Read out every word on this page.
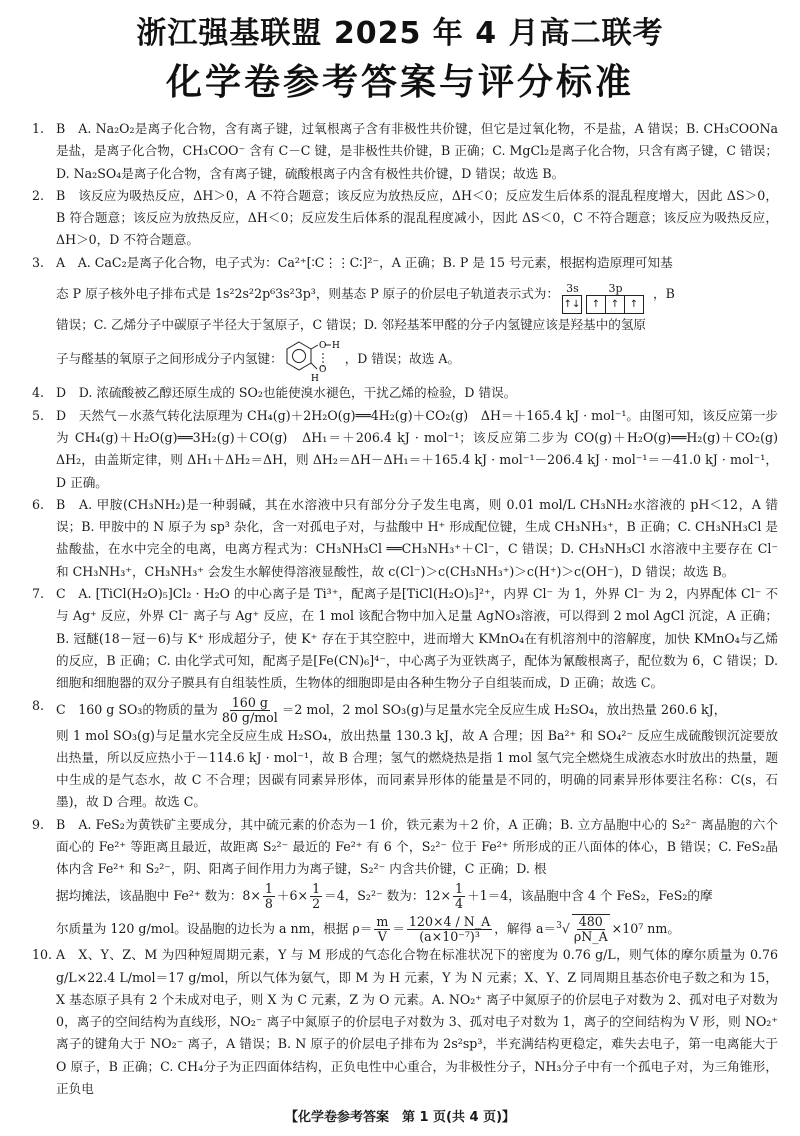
浙江强基联盟 2025 年 4 月高二联考
化学卷参考答案与评分标准
1. B　A. Na₂O₂是离子化合物，含有离子键，过氧根离子含有非极性共价键，但它是过氧化物，不是盐，A 错误；B. CH₃COONa 是盐，是离子化合物，CH₃COO⁻ 含有 C－C 键，是非极性共价键，B 正确；C. MgCl₂是离子化合物，只含有离子键，C 错误；D. Na₂SO₄是离子化合物，含有离子键，硫酸根离子内含有极性共价键，D 错误；故选 B。

2. B　该反应为吸热反应，ΔH＞0，A 不符合题意；该反应为放热反应，ΔH＜0；反应发生后体系的混乱程度增大，因此 ΔS＞0，B 符合题意；该反应为放热反应，ΔH＜0；反应发生后体系的混乱程度减小，因此 ΔS＜0，C 不符合题意；该反应为吸热反应，ΔH＞0，D 不符合题意。

3. A　A. CaC₂是离子化合物，电子式为：Ca²⁺[∶C⋮⋮C∶]²⁻，A 正确；B. P 是 15 号元素，根据构造原理可知基

态 P 原子核外电子排布式是 1s²2s²2p⁶3s²3p³，则基态 P 原子的价层电子轨道表示式为： 3s
↑↓
3p
↑	↑	↑
，B

错误；C. 乙烯分子中碳原子半径大于氢原子，C 错误；D. 邻羟基苯甲醛的分子内氢键应该是羟基中的氢原

子与醛基的氧原子之间形成分子内氢键：
O H
O
H
，D 错误；故选 A。

4. D　D. 浓硫酸被乙醇还原生成的 SO₂也能使溴水褪色，干扰乙烯的检验，D 错误。

5. D　天然气－水蒸气转化法原理为 CH₄(g)＋2H₂O(g)══4H₂(g)＋CO₂(g)　ΔH＝＋165.4 kJ · mol⁻¹。由图可知，该反应第一步为 CH₄(g)＋H₂O(g)══3H₂(g)＋CO(g)　ΔH₁＝＋206.4 kJ · mol⁻¹；该反应第二步为 CO(g)＋H₂O(g)══H₂(g)＋CO₂(g)　ΔH₂，由盖斯定律，则 ΔH₁＋ΔH₂＝ΔH，则 ΔH₂＝ΔH－ΔH₁＝＋165.4 kJ · mol⁻¹－206.4 kJ · mol⁻¹＝－41.0 kJ · mol⁻¹，D 正确。

6. B　A. 甲胺(CH₃NH₂)是一种弱碱，其在水溶液中只有部分分子发生电离，则 0.01 mol/L CH₃NH₂水溶液的 pH＜12，A 错误；B. 甲胺中的 N 原子为 sp³ 杂化，含一对孤电子对，与盐酸中 H⁺ 形成配位键，生成 CH₃NH₃⁺，B 正确；C. CH₃NH₃Cl 是盐酸盐，在水中完全的电离，电离方程式为：CH₃NH₃Cl ══CH₃NH₃⁺＋Cl⁻，C 错误；D. CH₃NH₃Cl 水溶液中主要存在 Cl⁻ 和 CH₃NH₃⁺，CH₃NH₃⁺ 会发生水解使得溶液显酸性，故 c(Cl⁻)＞c(CH₃NH₃⁺)＞c(H⁺)＞c(OH⁻)，D 错误；故选 B。

7. C　A. [TiCl(H₂O)₅]Cl₂ · H₂O 的中心离子是 Ti³⁺，配离子是[TiCl(H₂O)₅]²⁺，内界 Cl⁻ 为 1，外界 Cl⁻ 为 2，内界配体 Cl⁻ 不与 Ag⁺ 反应，外界 Cl⁻ 离子与 Ag⁺ 反应，在 1 mol 该配合物中加入足量 AgNO₃溶液，可以得到 2 mol AgCl 沉淀，A 正确；B. 冠醚(18－冠－6)与 K⁺ 形成超分子，使 K⁺ 存在于其空腔中，进而增大 KMnO₄在有机溶剂中的溶解度，加快 KMnO₄与乙烯的反应，B 正确；C. 由化学式可知，配离子是[Fe(CN)₆]⁴⁻，中心离子为亚铁离子，配体为氰酸根离子，配位数为 6，C 错误；D. 细胞和细胞器的双分子膜具有自组装性质，生物体的细胞即是由各种生物分子自组装而成，D 正确；故选 C。

8. C　160 g SO₃的物质的量为 $\frac{160 g}{\text{80 g/mol}} =2$ mol，2 mol SO₃(g)与足量水完全反应生成 H₂SO₄，放出热量 260.6 kJ，

则 1 mol SO₃(g)与足量水完全反应生成 H₂SO₄，放出热量 130.3 kJ，故 A 合理；因 Ba²⁺ 和 SO₄²⁻ 反应生成硫酸钡沉淀要放出热量，所以反应热小于－114.6 kJ · mol⁻¹，故 B 合理；氢气的燃烧热是指 1 mol 氢气完全燃烧生成液态水时放出的热量，题中生成的是气态水，故 C 不合理；因碳有同素异形体，而同素异形体的能量是不同的，明确的同素异形体要注名称：C(s，石墨)，故 D 合理。故选 C。

9. B　A. FeS₂为黄铁矿主要成分，其中硫元素的价态为－1 价，铁元素为＋2 价，A 正确；B. 立方晶胞中心的 S₂²⁻ 离晶胞的六个面心的 Fe²⁺ 等距离且最近，故距离 S₂²⁻ 最近的 Fe²⁺ 有 6 个，S₂²⁻ 位于 Fe²⁺ 所形成的正八面体的体心，B 错误；C. FeS₂晶体内含 Fe²⁺ 和 S₂²⁻，阴、阳离子间作用力为离子键，S₂²⁻ 内含共价键，C 正确；D. 根

据均摊法，该晶胞中 Fe²⁺ 数为：$8\times \frac{1}{8} +6\times \frac{1}{2} =4$，S₂²⁻ 数为：$12\times \frac{1}{4} +1=4$，该晶胞中含 4 个 FeS₂，FeS₂的摩

尔质量为 120 g/mol。设晶胞的边长为 a nm，根据 $\rho= \frac{m}{V} = \frac{120\times 4 / N\_A}{\text{(a×10⁻⁷)³}}$ ，解得 $a=^3√ \frac{480}{\rho N\_A} \times 10^7$ nm。

10. A　X、Y、Z、M 为四种短周期元素，Y 与 M 形成的气态化合物在标准状况下的密度为 0.76 g/L，则气体的摩尔质量为 0.76 g/L×22.4 L/mol＝17 g/mol，所以气体为氨气，即 M 为 H 元素，Y 为 N 元素；X、Y、Z 同周期且基态价电子数之和为 15，X 基态原子具有 2 个未成对电子，则 X 为 C 元素，Z 为 O 元素。A. NO₂⁺ 离子中氮原子的价层电子对数为 2、孤对电子对数为 0，离子的空间结构为直线形，NO₂⁻ 离子中氮原子的价层电子对数为 3、孤对电子对数为 1，离子的空间结构为 V 形，则 NO₂⁺ 离子的键角大于 NO₂⁻ 离子，A 错误；B. N 原子的价层电子排布为 2s²sp³，半充满结构更稳定，难失去电子，第一电离能大于 O 原子，B 正确；C. CH₄分子为正四面体结构，正负电性中心重合，为非极性分子，NH₃分子中有一个孤电子对，为三角锥形，正负电

【化学卷参考答案　第 1 页(共 4 页)】
